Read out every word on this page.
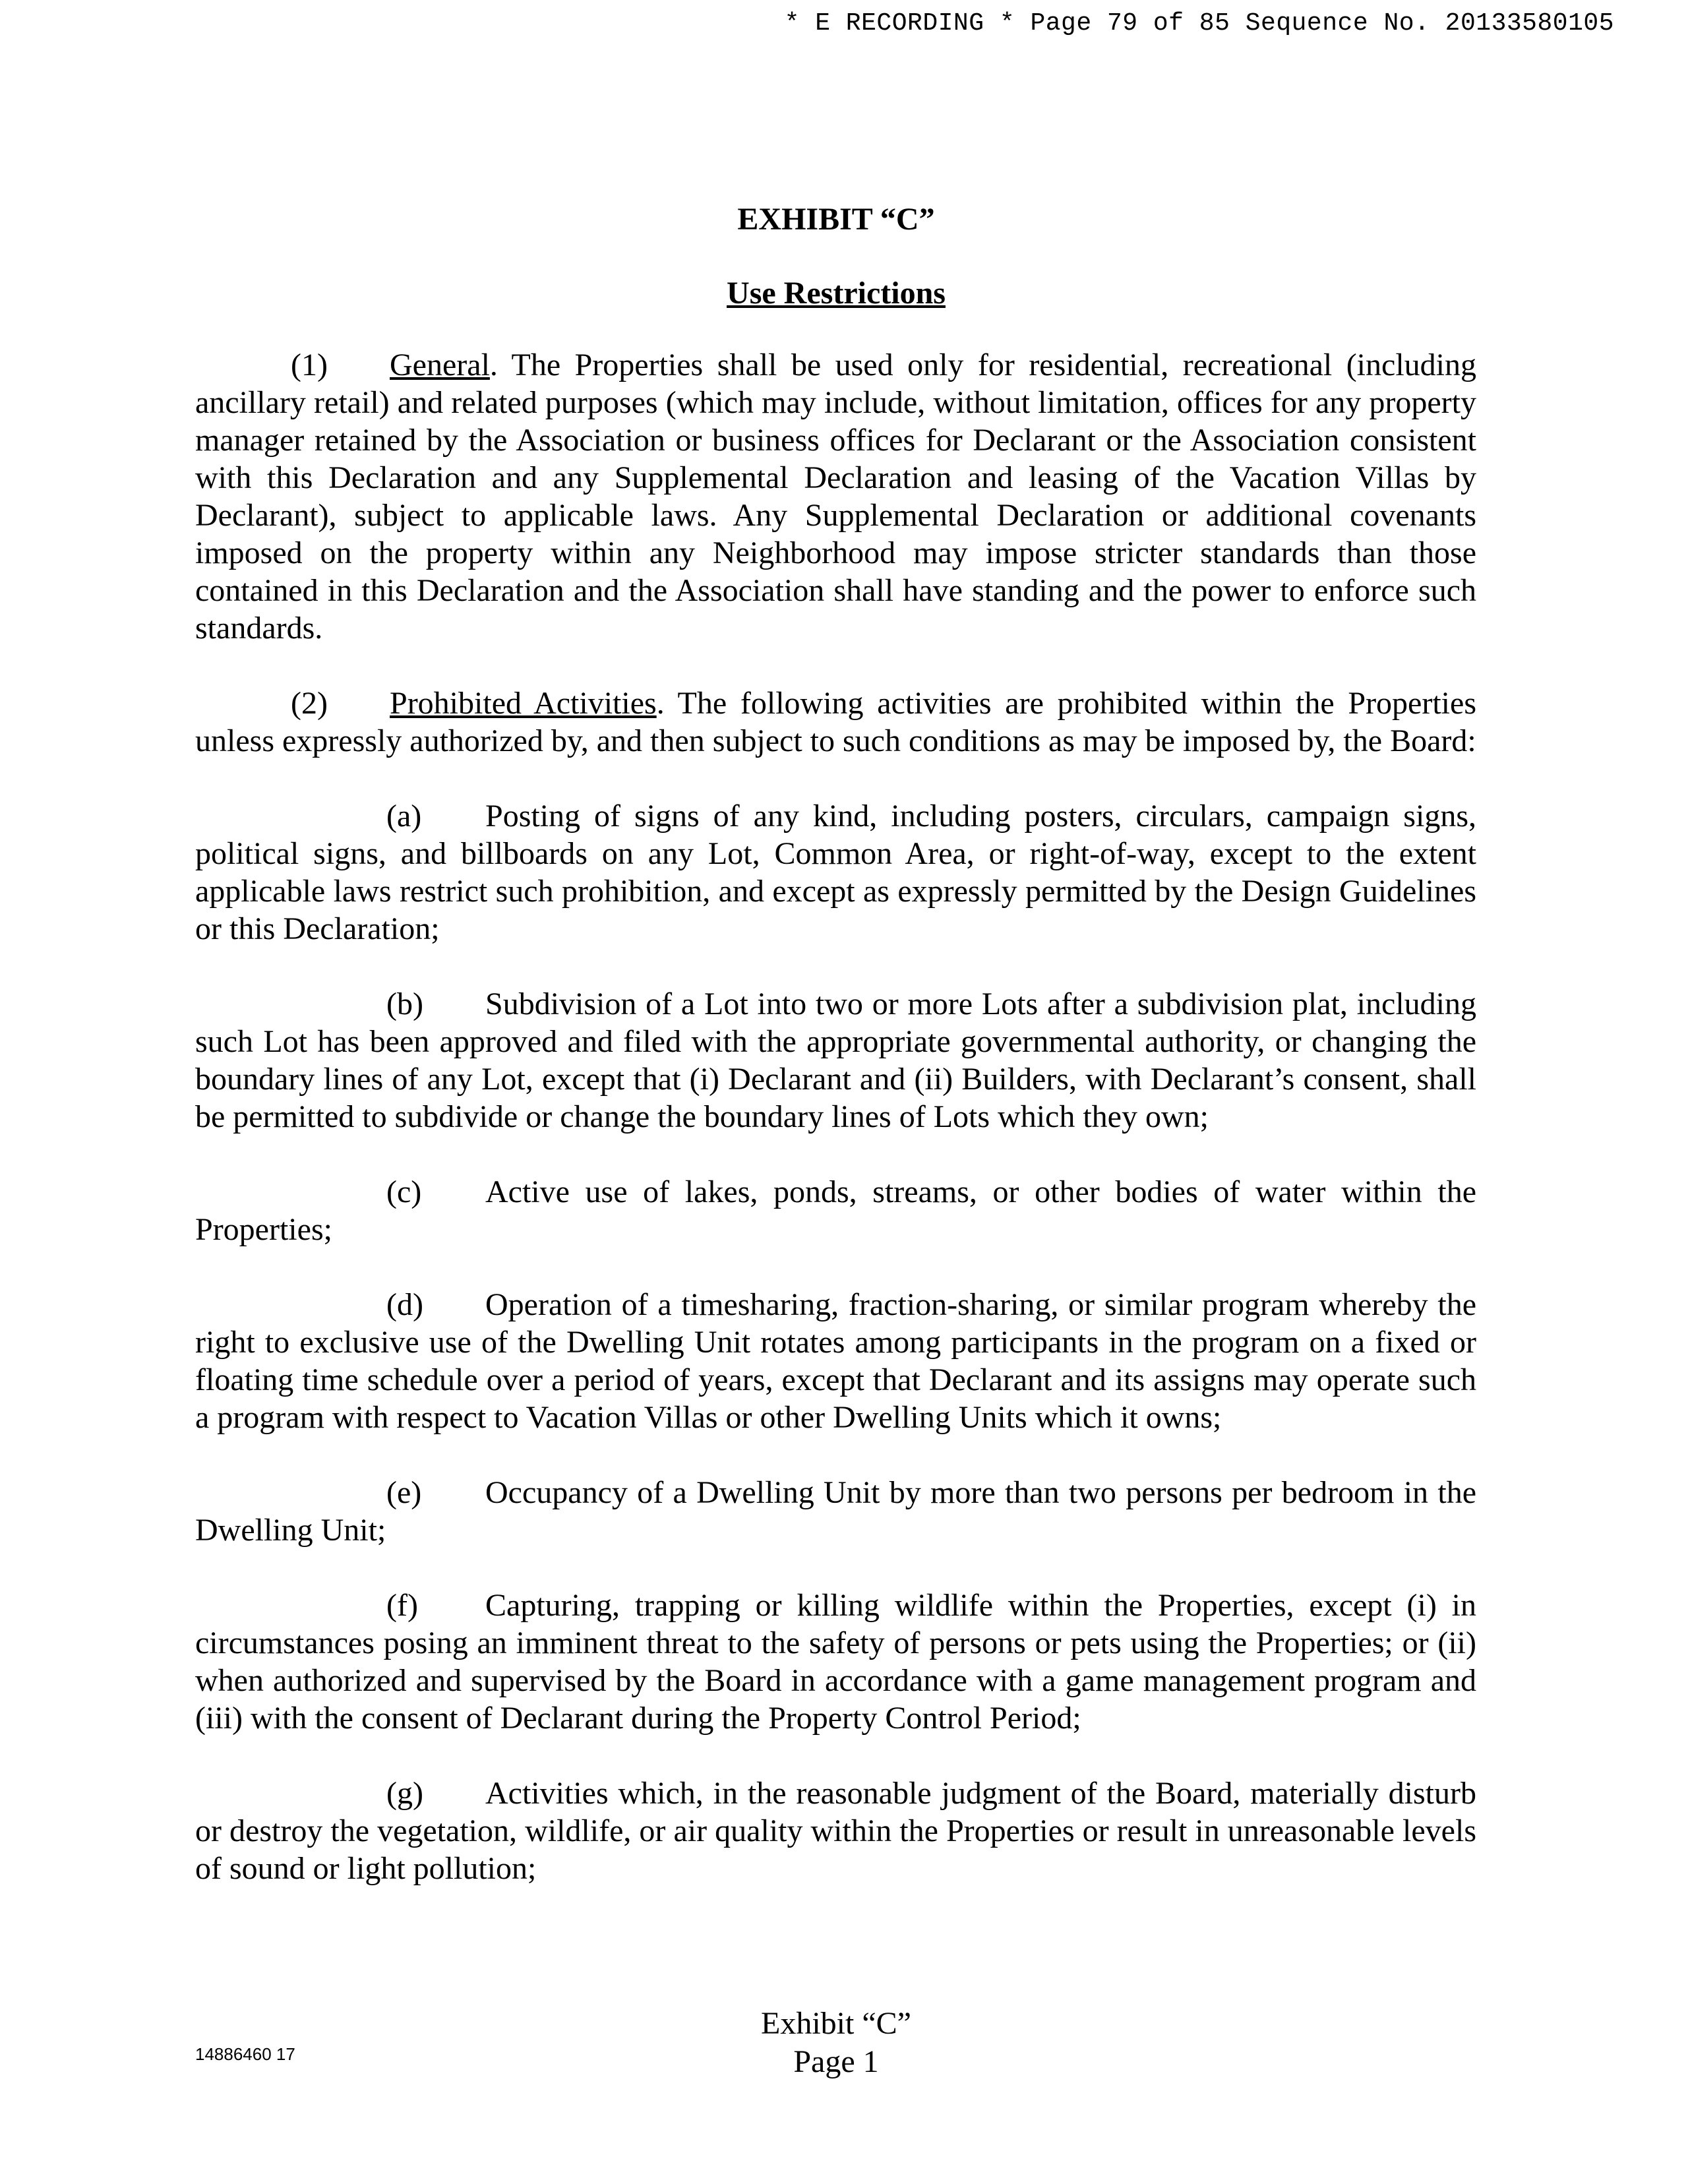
* E RECORDING * Page 79 of 85 Sequence No. 20133580105
EXHIBIT “C”
Use Restrictions

(1) General. The Properties shall be used only for residential, recreational (including ancillary retail) and related purposes (which may include, without limitation, offices for any property manager retained by the Association or business offices for Declarant or the Association consistent with this Declaration and any Supplemental Declaration and leasing of the Vacation Villas by Declarant), subject to applicable laws. Any Supplemental Declaration or additional covenants imposed on the property within any Neighborhood may impose stricter standards than those contained in this Declaration and the Association shall have standing and the power to enforce such standards.

(2) Prohibited Activities. The following activities are prohibited within the Properties unless expressly authorized by, and then subject to such conditions as may be imposed by, the Board:

(a) Posting of signs of any kind, including posters, circulars, campaign signs, political signs, and billboards on any Lot, Common Area, or right-of-way, except to the extent applicable laws restrict such prohibition, and except as expressly permitted by the Design Guidelines or this Declaration;

(b) Subdivision of a Lot into two or more Lots after a subdivision plat, including such Lot has been approved and filed with the appropriate governmental authority, or changing the boundary lines of any Lot, except that (i) Declarant and (ii) Builders, with Declarant’s consent, shall be permitted to subdivide or change the boundary lines of Lots which they own;

(c) Active use of lakes, ponds, streams, or other bodies of water within the Properties;

(d) Operation of a timesharing, fraction-sharing, or similar program whereby the right to exclusive use of the Dwelling Unit rotates among participants in the program on a fixed or floating time schedule over a period of years, except that Declarant and its assigns may operate such a program with respect to Vacation Villas or other Dwelling Units which it owns;

(e) Occupancy of a Dwelling Unit by more than two persons per bedroom in the Dwelling Unit;

(f) Capturing, trapping or killing wildlife within the Properties, except (i) in circumstances posing an imminent threat to the safety of persons or pets using the Properties; or (ii) when authorized and supervised by the Board in accordance with a game management program and (iii) with the consent of Declarant during the Property Control Period;

(g) Activities which, in the reasonable judgment of the Board, materially disturb or destroy the vegetation, wildlife, or air quality within the Properties or result in unreasonable levels of sound or light pollution;

Exhibit “C”
Page 1
14886460 17
